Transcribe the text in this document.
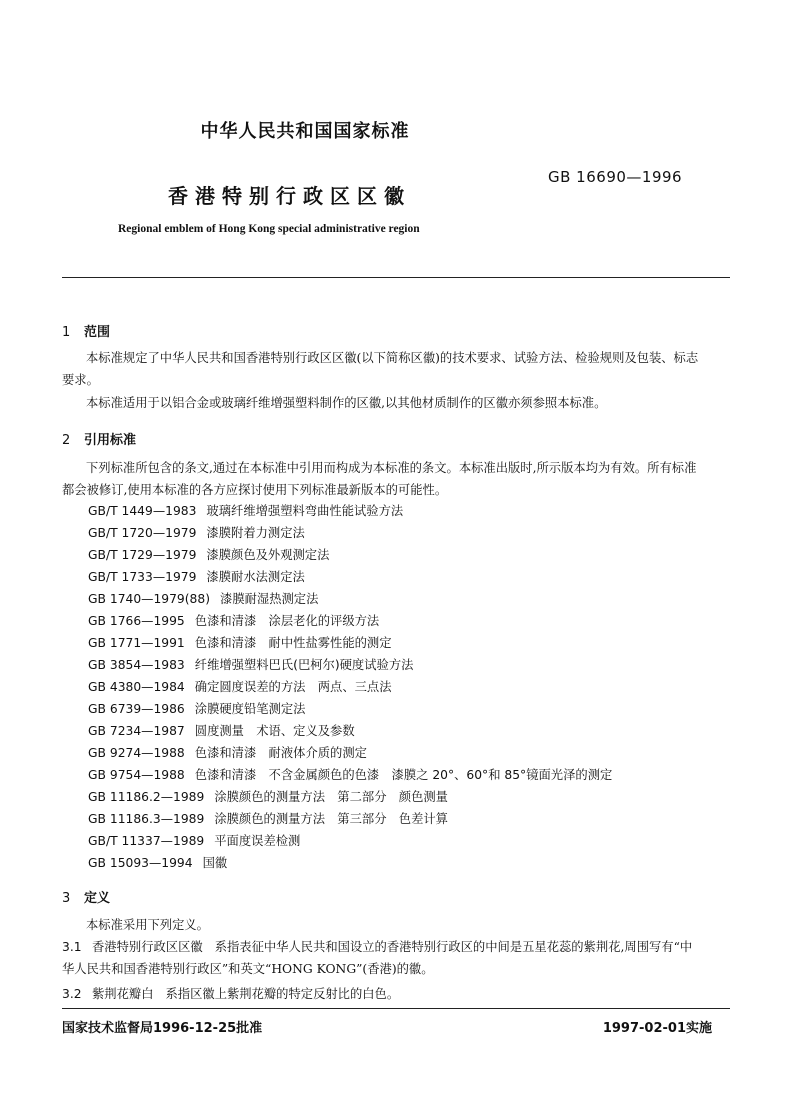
中华人民共和国国家标准
GB 16690—1996
香港特别行政区区徽
Regional emblem of Hong Kong special administrative region
1 范围
本标准规定了中华人民共和国香港特别行政区区徽(以下简称区徽)的技术要求、试验方法、检验规则及包装、标志要求。
本标准适用于以铝合金或玻璃纤维增强塑料制作的区徽,以其他材质制作的区徽亦须参照本标准。
2 引用标准
下列标准所包含的条文,通过在本标准中引用而构成为本标准的条文。本标准出版时,所示版本均为有效。所有标准都会被修订,使用本标准的各方应探讨使用下列标准最新版本的可能性。
GB/T 1449—1983 玻璃纤维增强塑料弯曲性能试验方法
GB/T 1720—1979 漆膜附着力测定法
GB/T 1729—1979 漆膜颜色及外观测定法
GB/T 1733—1979 漆膜耐水法测定法
GB 1740—1979(88) 漆膜耐湿热测定法
GB 1766—1995 色漆和清漆　涂层老化的评级方法
GB 1771—1991 色漆和清漆　耐中性盐雾性能的测定
GB 3854—1983 纤维增强塑料巴氏(巴柯尔)硬度试验方法
GB 4380—1984 确定圆度误差的方法　两点、三点法
GB 6739—1986 涂膜硬度铅笔测定法
GB 7234—1987 圆度测量　术语、定义及参数
GB 9274—1988 色漆和清漆　耐液体介质的测定
GB 9754—1988 色漆和清漆　不含金属颜色的色漆　漆膜之 20°、60°和 85°镜面光泽的测定
GB 11186.2—1989 涂膜颜色的测量方法　第二部分　颜色测量
GB 11186.3—1989 涂膜颜色的测量方法　第三部分　色差计算
GB/T 11337—1989 平面度误差检测
GB 15093—1994 国徽
3 定义
本标准采用下列定义。
3.1 香港特别行政区区徽 系指表征中华人民共和国设立的香港特别行政区的中间是五星花蕊的紫荆花,周围写有“中华人民共和国香港特别行政区”和英文“HONG KONG”(香港)的徽。
3.2 紫荆花瓣白 系指区徽上紫荆花瓣的特定反射比的白色。
国家技术监督局1996-12-25批准	1997-02-01实施
